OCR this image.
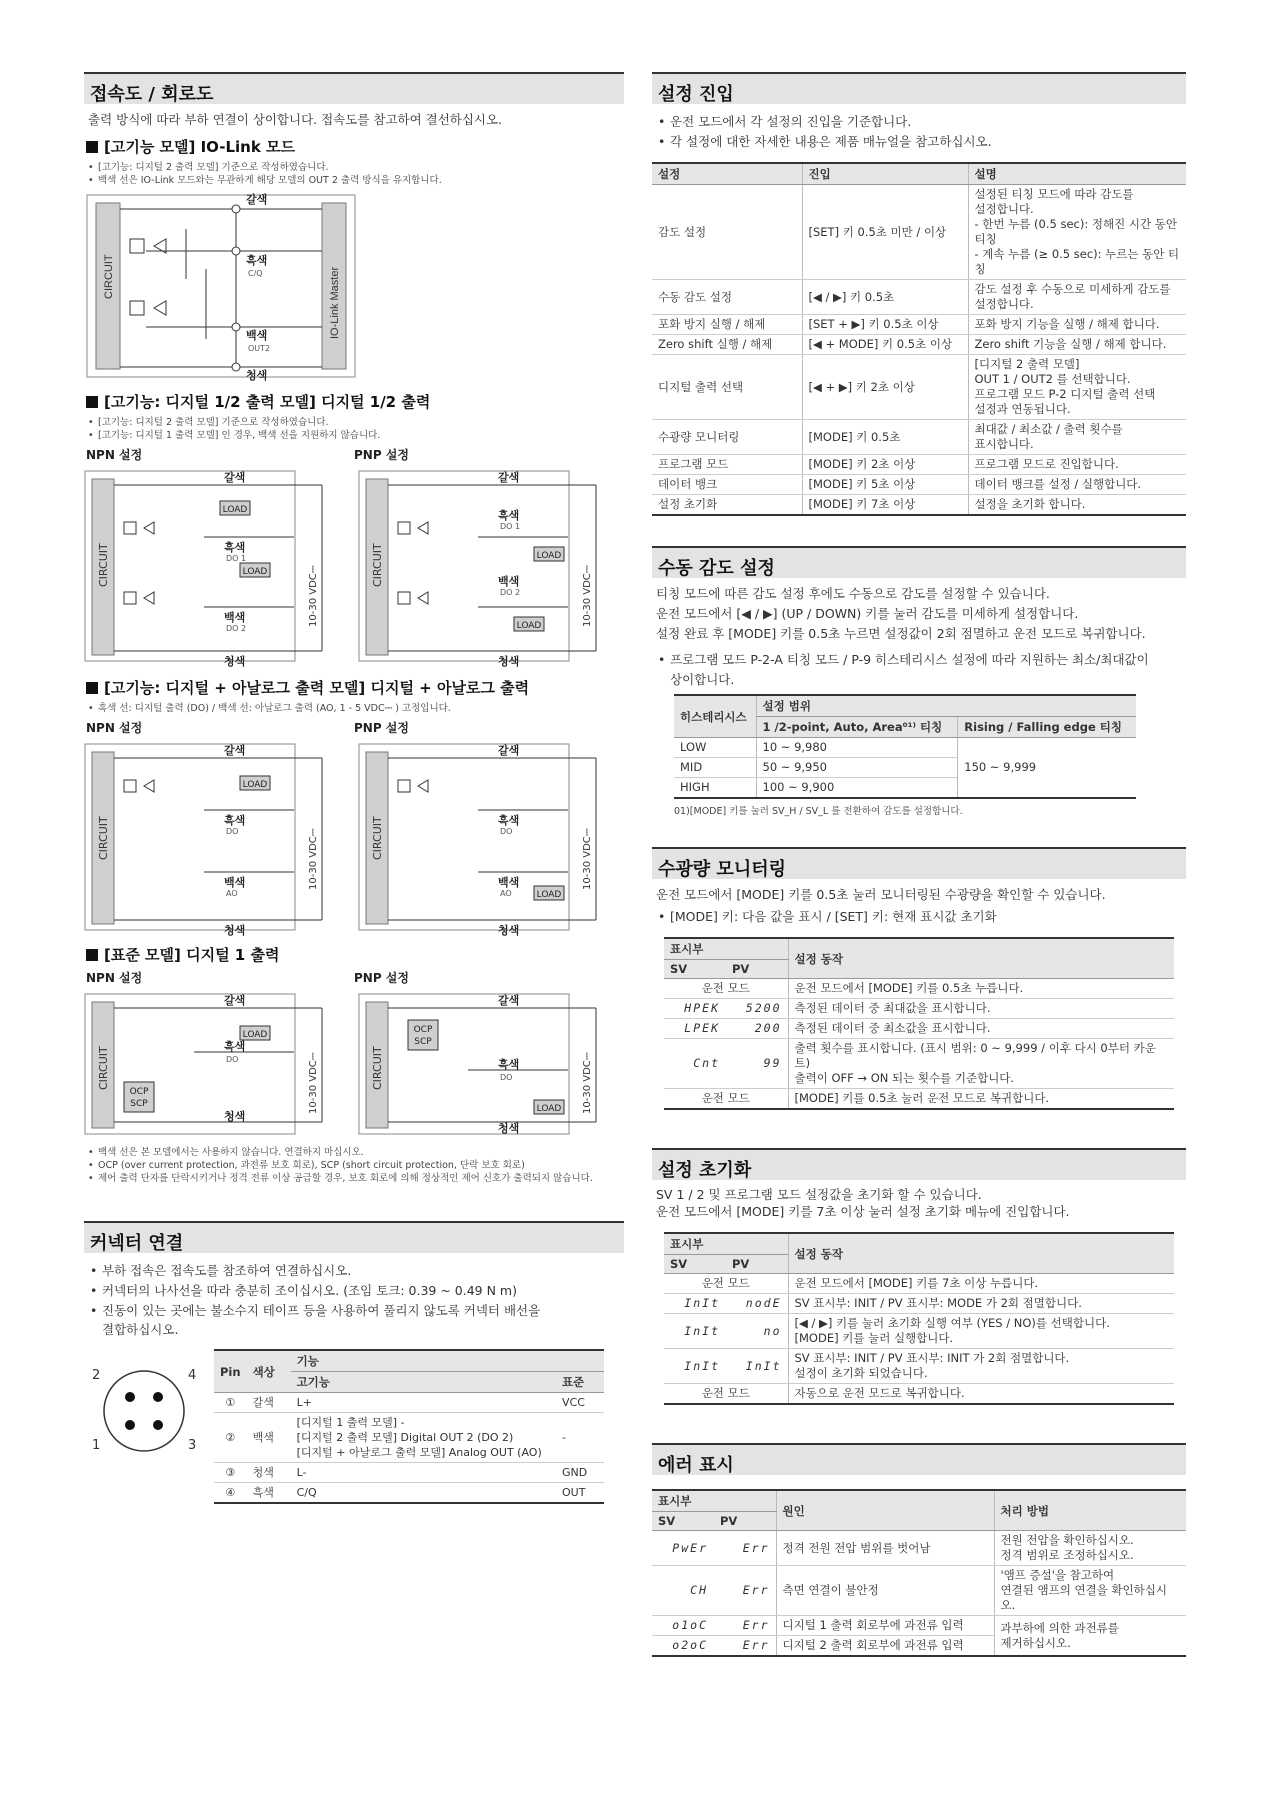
접속도 / 회로도
출력 방식에 따라 부하 연결이 상이합니다. 접속도를 참고하여 결선하십시오.
[고기능 모델] IO-Link 모드
• [고기능: 디지털 2 출력 모델] 기준으로 작성하였습니다.
• 백색 선은 IO-Link 모드와는 무관하게 해당 모델의 OUT 2 출력 방식을 유지합니다.
CIRCUIT	IO-Link Master
갈색
흑색
C/Q
백색
OUT2
청색
[고기능: 디지털 1/2 출력 모델] 디지털 1/2 출력
• [고기능: 디지털 2 출력 모델] 기준으로 작성하였습니다.
• [고기능: 디지털 1 출력 모델] 인 경우, 백색 선을 지원하지 않습니다.
NPN 설정	PNP 설정
CIRCUIT
LOAD
LOAD
갈색
흑색
DO 1
백색
DO 2
청색
10-30 VDC⎓
CIRCUIT	LOAD
LOAD
갈색
흑색
DO 1
백색
DO 2
청색
10-30 VDC⎓
[고기능: 디지털 + 아날로그 출력 모델] 디지털 + 아날로그 출력
• 흑색 선: 디지털 출력 (DO) / 백색 선: 아날로그 출력 (AO, 1 - 5 VDC⎓ ) 고정입니다.
NPN 설정	PNP 설정
CIRCUIT
LOAD
갈색
흑색
DO
백색
AO
청색
10-30 VDC⎓	CIRCUIT
LOAD
갈색
흑색
DO
백색
AO
청색
10-30 VDC⎓
[표준 모델] 디지털 1 출력
NPN 설정	PNP 설정
CIRCUIT
OCP
SCP
LOAD
갈색
흑색
DO
청색
10-30 VDC⎓	CIRCUIT
OCP
SCP
LOAD
갈색
흑색
DO
청색
10-30 VDC⎓
• 백색 선은 본 모델에서는 사용하지 않습니다. 연결하지 마십시오.
• OCP (over current protection, 과전류 보호 회로), SCP (short circuit protection, 단락 보호 회로)
• 제어 출력 단자를 단락시키거나 정격 전류 이상 공급할 경우, 보호 회로에 의해 정상적인 제어 신호가 출력되지 않습니다.
커넥터 연결
• 부하 접속은 접속도를 참조하여 연결하십시오.
• 커넥터의 나사선을 따라 충분히 조이십시오. (조임 토크: 0.39 ~ 0.49 N m)
• 진동이 있는 곳에는 불소수지 테이프 등을 사용하여 풀리지 않도록 커넥터 배선을
결합하십시오.
2	4
1	3
Pin	색상	기능	
		고기능	표준
①	갈색	L+	VCC
②	백색	[디지털 1 출력 모델] -
[디지털 2 출력 모델] Digital OUT 2 (DO 2)
[디지털 + 아날로그 출력 모델] Analog OUT (AO)	-
③	청색	L-	GND
④	흑색	C/Q	OUT
설정 진입
• 운전 모드에서 각 설정의 진입을 기준합니다.
• 각 설정에 대한 자세한 내용은 제품 매뉴얼을 참고하십시오.
설정	진입	설명
감도 설정	[SET] 키 0.5초 미만 / 이상	설정된 티칭 모드에 따라 감도를
설정합니다.
- 한번 누름 (0.5 sec): 정해진 시간 동안
티칭
- 계속 누름 (≥ 0.5 sec): 누르는 동안 티칭
수동 감도 설정	[◀ / ▶] 키 0.5초	감도 설정 후 수동으로 미세하게 감도를
설정합니다.
포화 방지 실행 / 해제	[SET + ▶] 키 0.5초 이상	포화 방지 기능을 실행 / 해제 합니다.
Zero shift 실행 / 해제	[◀ + MODE] 키 0.5초 이상	Zero shift 기능을 실행 / 해제 합니다.
디지털 출력 선택	[◀ + ▶] 키 2초 이상	[디지털 2 출력 모델]
OUT 1 / OUT2 를 선택합니다.
프로그램 모드 P-2 디지털 출력 선택
설정과 연동됩니다.
수광량 모니터링	[MODE] 키 0.5초	최대값 / 최소값 / 출력 횟수를
표시합니다.
프로그램 모드	[MODE] 키 2초 이상	프로그램 모드로 진입합니다.
데이터 뱅크	[MODE] 키 5초 이상	데이터 뱅크를 설정 / 실행합니다.
설정 초기화	[MODE] 키 7초 이상	설정을 초기화 합니다.
수동 감도 설정
티칭 모드에 따른 감도 설정 후에도 수동으로 감도를 설정할 수 있습니다.
운전 모드에서 [◀ / ▶] (UP / DOWN) 키를 눌러 감도를 미세하게 설정합니다.
설정 완료 후 [MODE] 키를 0.5초 누르면 설정값이 2회 점멸하고 운전 모드로 복귀합니다.
• 프로그램 모드 P-2-A 티칭 모드 / P-9 히스테리시스 설정에 따라 지원하는 최소/최대값이
상이합니다.
히스테리시스	설정 범위	
	1 /2-point, Auto, Area⁰¹⁾ 티칭	Rising / Falling edge 티칭
LOW	10 ~ 9,980	150 ~ 9,999
MID	50 ~ 9,950	
HIGH	100 ~ 9,900	
01)[MODE] 키를 눌러 SV_H / SV_L 를 전환하여 감도를 설정합니다.
수광량 모니터링
운전 모드에서 [MODE] 키를 0.5초 눌러 모니터링된 수광량을 확인할 수 있습니다.
• [MODE] 키: 다음 값을 표시 / [SET] 키: 현재 표시값 초기화
표시부		설정 동작
SV	PV	
운전 모드		운전 모드에서 [MODE] 키를 0.5초 누릅니다.
HPEK	5200	측정된 데이터 중 최대값을 표시합니다.
LPEK	200	측정된 데이터 중 최소값을 표시합니다.
Cnt	99	출력 횟수를 표시합니다. (표시 범위: 0 ~ 9,999 / 이후 다시 0부터 카운트)
출력이 OFF → ON 되는 횟수를 기준합니다.
운전 모드		[MODE] 키를 0.5초 눌러 운전 모드로 복귀합니다.
설정 초기화
SV 1 / 2 및 프로그램 모드 설정값을 초기화 할 수 있습니다.
운전 모드에서 [MODE] 키를 7초 이상 눌러 설정 초기화 메뉴에 진입합니다.
표시부		설정 동작
SV	PV	
운전 모드		운전 모드에서 [MODE] 키를 7초 이상 누릅니다.
InIt	nodE	SV 표시부: INIT / PV 표시부: MODE 가 2회 점멸합니다.
InIt	no	[◀ / ▶] 키를 눌러 초기화 실행 여부 (YES / NO)를 선택합니다.
[MODE] 키를 눌러 실행합니다.
InIt	InIt	SV 표시부: INIT / PV 표시부: INIT 가 2회 점멸합니다.
설정이 초기화 되었습니다.
운전 모드		자동으로 운전 모드로 복귀합니다.
에러 표시
표시부		원인	처리 방법
SV	PV		
PwEr	Err	정격 전원 전압 범위를 벗어남	전원 전압을 확인하십시오.
정격 범위로 조정하십시오.
CH	Err	측면 연결이 불안정	'앰프 증설'을 참고하여
연결된 앰프의 연결을 확인하십시오.
o1oC	Err	디지털 1 출력 회로부에 과전류 입력	과부하에 의한 과전류를
제거하십시오.
o2oC	Err	디지털 2 출력 회로부에 과전류 입력	
